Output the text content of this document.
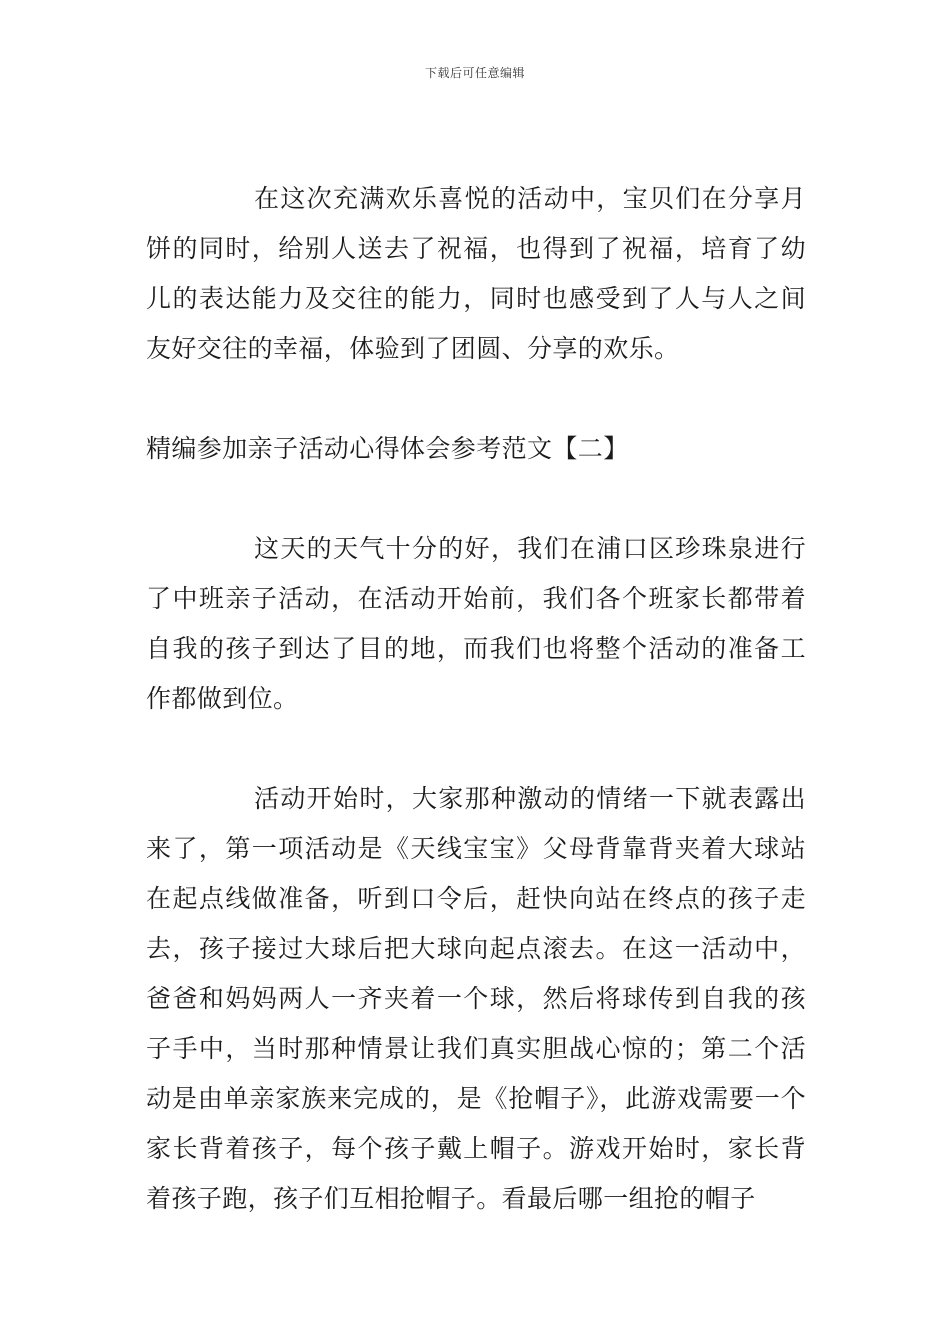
下载后可任意编辑

在这次充满欢乐喜悦的活动中，宝贝们在分享月饼的同时，给别人送去了祝福，也得到了祝福，培育了幼儿的表达能力及交往的能力，同时也感受到了人与人之间友好交往的幸福，体验到了团圆、分享的欢乐。

精编参加亲子活动心得体会参考范文【二】

这天的天气十分的好，我们在浦口区珍珠泉进行了中班亲子活动，在活动开始前，我们各个班家长都带着自我的孩子到达了目的地，而我们也将整个活动的准备工作都做到位。

活动开始时，大家那种激动的情绪一下就表露出来了，第一项活动是《天线宝宝》父母背靠背夹着大球站在起点线做准备，听到口令后，赶快向站在终点的孩子走去，孩子接过大球后把大球向起点滚去。在这一活动中，爸爸和妈妈两人一齐夹着一个球，然后将球传到自我的孩子手中，当时那种情景让我们真实胆战心惊的；第二个活动是由单亲家族来完成的，是《抢帽子》，此游戏需要一个家长背着孩子，每个孩子戴上帽子。游戏开始时，家长背着孩子跑，孩子们互相抢帽子。看最后哪一组抢的帽子
